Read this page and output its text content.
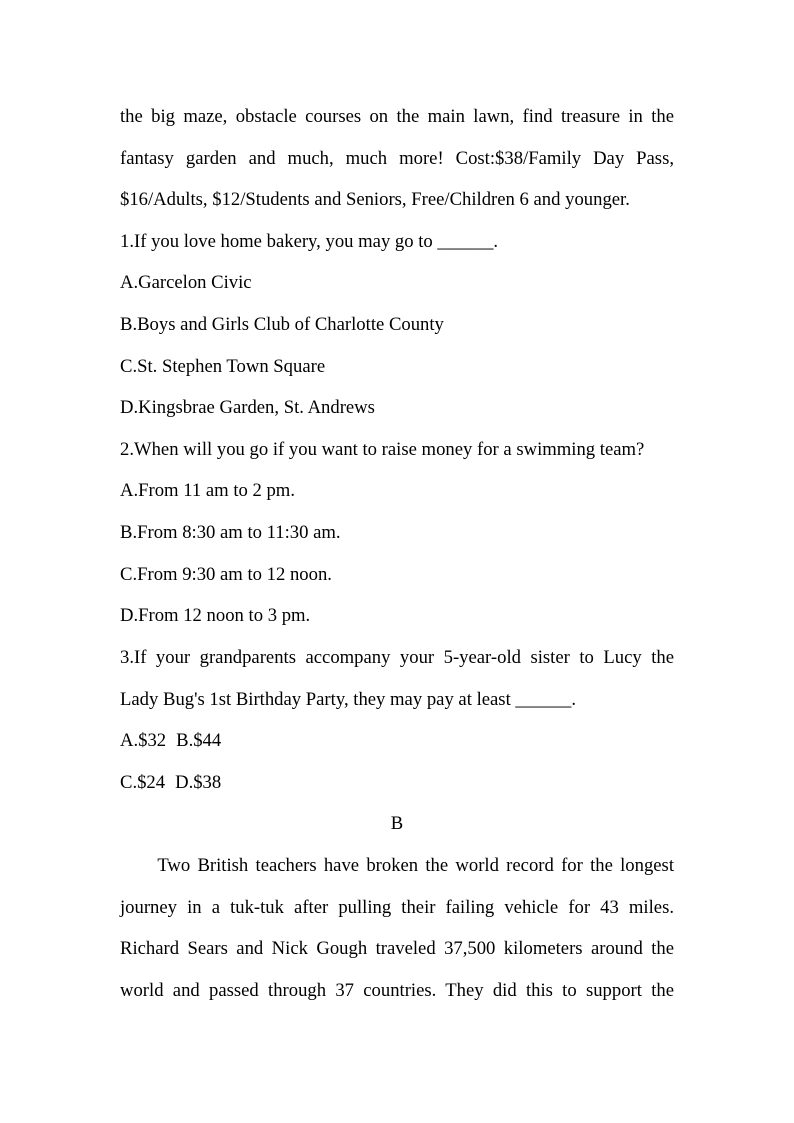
the big maze, obstacle courses on the main lawn, find treasure in the
fantasy garden and much, much more! Cost:$38/Family Day Pass,
$16/Adults, $12/Students and Seniors, Free/Children 6 and younger.
1.If you love home bakery, you may go to ______.
A.Garcelon Civic
B.Boys and Girls Club of Charlotte County
C.St. Stephen Town Square
D.Kingsbrae Garden, St. Andrews
2.When will you go if you want to raise money for a swimming team?
A.From 11 am to 2 pm.
B.From 8:30 am to 11:30 am.
C.From 9:30 am to 12 noon.
D.From 12 noon to 3 pm.
3.If your grandparents accompany your 5-year-old sister to Lucy the
Lady Bug's 1st Birthday Party, they may pay at least ______.
A.$32 B.$44
C.$24 D.$38
B
Two British teachers have broken the world record for the longest
journey in a tuk-tuk after pulling their failing vehicle for 43 miles.
Richard Sears and Nick Gough traveled 37,500 kilometers around the
world and passed through 37 countries. They did this to support the
